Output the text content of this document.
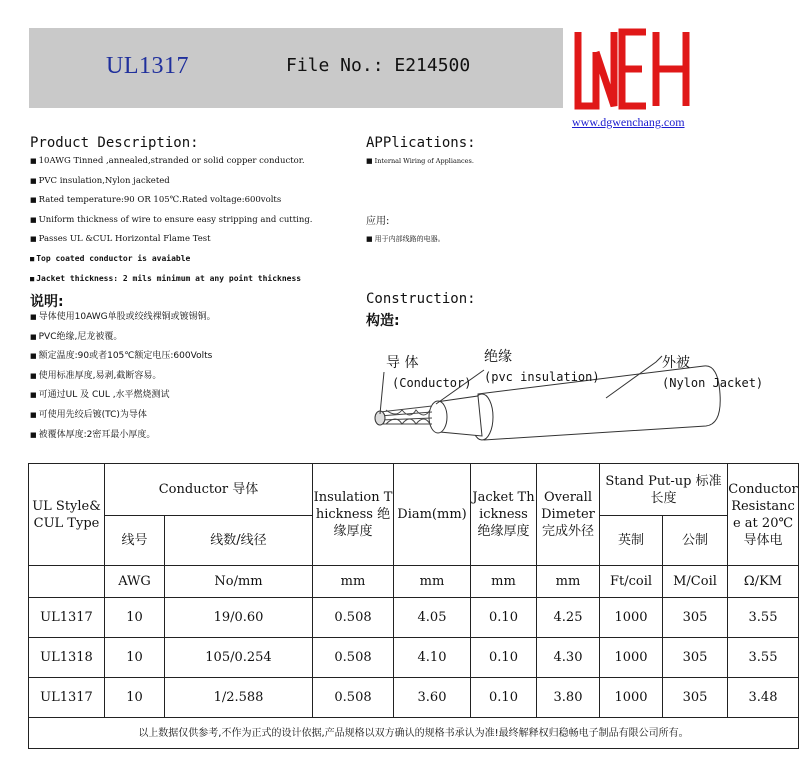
UL1317	File No.: E214500
www.dgwenchang.com
Product Description:
■ 10AWG Tinned ,annealed,stranded or solid copper conductor.
■ PVC insulation,Nylon jacketed
■ Rated temperature:90 OR 105℃.Rated voltage:600volts
■ Uniform thickness of wire to ensure easy stripping and cutting.
■ Passes UL &CUL Horizontal Flame Test
■ Top coated conductor is avaiable
■ Jacket thickness: 2 mils minimum at any point thickness
APPlications:
■ Internal Wiring of Appliances.
应用:
■ 用于内部线路的电器。
说明:
■ 导体使用10AWG单股或绞线裸铜或镀锡铜。
■ PVC绝缘,尼龙被覆。
■ 额定温度:90或者105℃额定电压:600Volts
■ 使用标准厚度,易剥,截断容易。
■ 可通过UL 及 CUL ,水平燃烧测试
■ 可使用先绞后镀(TC)为导体
■ 被覆体厚度:2密耳最小厚度。
Construction:
构造:
导 体
(Conductor)
绝缘
(pvc insulation)
外被
(Nylon Jacket)
UL Style& CUL Type	Conductor 导体		Insulation Thickness 绝缘厚度	Diam(mm)	Jacket Thickness 绝缘厚度	Overall Dimeter 完成外径	Stand Put-up 标准长度		Conductor Resistance at 20℃导体电
	线号	线数/线径					英制	公制	
	AWG	No/mm	mm	mm	mm	mm	Ft/coil	M/Coil	Ω/KM
UL1317	10	19/0.60	0.508	4.05	0.10	4.25	1000	305	3.55
UL1318	10	105/0.254	0.508	4.10	0.10	4.30	1000	305	3.55
UL1317	10	1/2.588	0.508	3.60	0.10	3.80	1000	305	3.48
以上数据仅供参考,不作为正式的设计依据,产品规格以双方确认的规格书承认为准!最终解释权归稳畅电子制品有限公司所有。									
